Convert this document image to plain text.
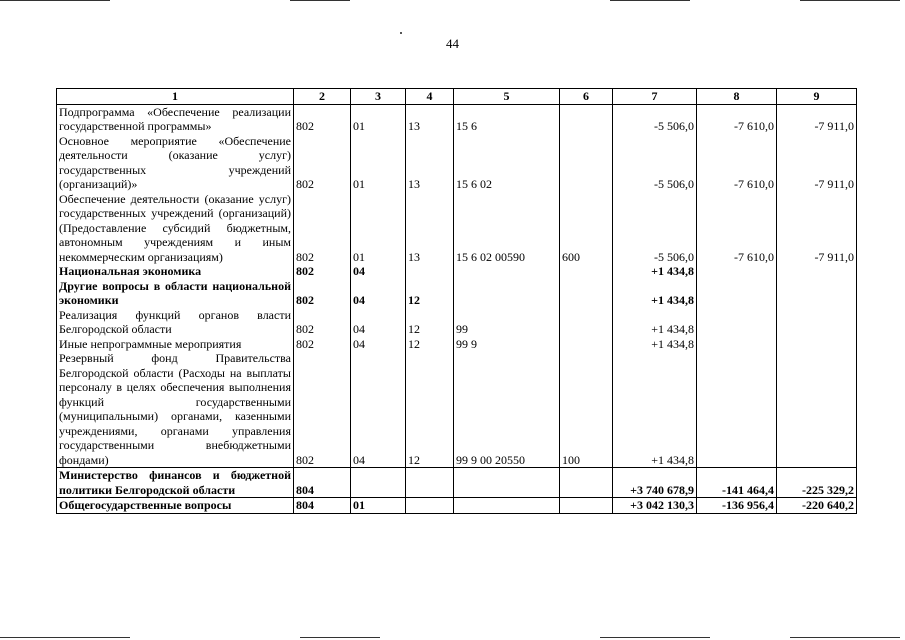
44
1	2	3	4	5	6	7	8	9
Подпрограмма «Обеспечение реализации государственной программы»	802	01	13	15 6		-5 506,0	-7 610,0	-7 911,0
Основное мероприятие «Обеспечение деятельности (оказание услуг) государственных учреждений (организаций)»	802	01	13	15 6 02		-5 506,0	-7 610,0	-7 911,0
Обеспечение деятельности (оказание услуг) государственных учреждений (организаций) (Предоставление субсидий бюджетным, автономным учреждениям и иным некоммерческим организациям)	802	01	13	15 6 02 00590	600	-5 506,0	-7 610,0	-7 911,0
Национальная экономика	802	04				+1 434,8		
Другие вопросы в области национальной экономики	802	04	12			+1 434,8		
Реализация функций органов власти Белгородской области	802	04	12	99		+1 434,8		
Иные непрограммные мероприятия	802	04	12	99 9		+1 434,8		
Резервный фонд Правительства Белгородской области (Расходы на выплаты персоналу в целях обеспечения выполнения функций государственными (муниципальными) органами, казенными учреждениями, органами управления государственными внебюджетными фондами)	802	04	12	99 9 00 20550	100	+1 434,8		
Министерство финансов и бюджетной политики Белгородской области	804					+3 740 678,9	-141 464,4	-225 329,2
Общегосударственные вопросы	804	01				+3 042 130,3	-136 956,4	-220 640,2
